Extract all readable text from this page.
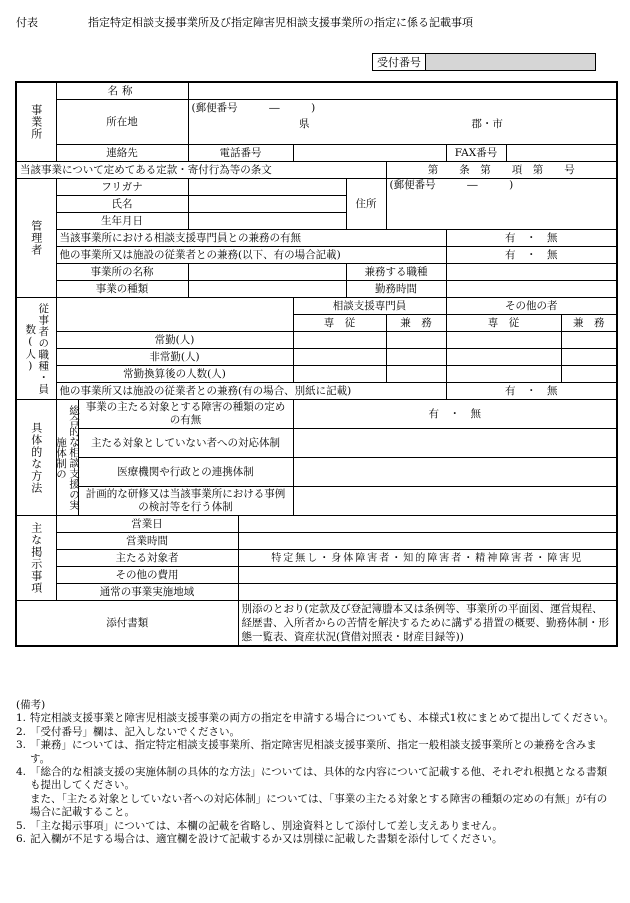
付表	指定特定相談支援事業所及び指定障害児相談支援事業所の指定に係る記載事項
受付番号	
事業所	名称									
	所在地		(郵便番号　　　―　　　)							
			県 郡・市							

	連絡先		電話番号					FAX番号		
当該事業について定めてある定款・寄付行為等の条文							第　　条　第　　項　第　　号			
管理者	フリガナ					住所	(郵便番号　　　―　　　)			
	氏名									
	生年月日									
	当該事業所における相談支援専門員との兼務の有無							有　・　無		
	他の事業所又は施設の従業者との兼務(以下、有の場合記載)							有　・　無		
	事業所の名称					兼務する職種				
	事業の種類					勤務時間				
従事者の職種・員数(人)					相談支援専門員			その他の者		
					専　従		兼　務	専　従		兼　務
	常勤(人)									
	非常勤(人)									
	常勤換算後の人数(人)									
	他の事業所又は施設の従業者との兼務(有の場合、別紙に記載)							有　・　無		
具体的な方法	総合的な相談支援の実施体制の	事業の主たる対象とする障害の種類の定めの有無			有　・　無					
		主たる対象としていない者への対応体制								
		医療機関や行政との連携体制								
		計画的な研修又は当該事業所における事例の検討等を行う体制								
主な掲示事項	営業日									
	営業時間									
	主たる対象者			特定無し・身体障害者・知的障害者・精神障害者・障害児						
	その他の費用									
	通常の事業実施地域									
添付書類				別添のとおり(定款及び登記簿謄本又は条例等、事業所の平面図、運営規程、経歴書、入所者からの苦情を解決するために講ずる措置の概要、勤務体制・形態一覧表、資産状況(貸借対照表・財産目録等))						
(備考)
1. 特定相談支援事業と障害児相談支援事業の両方の指定を申請する場合についても、本様式1枚にまとめて提出してください。
2. 「受付番号」欄は、記入しないでください。
3. 「兼務」については、指定特定相談支援事業所、指定障害児相談支援事業所、指定一般相談支援事業所との兼務を含みます。
4. 「総合的な相談支援の実施体制の具体的な方法」については、具体的な内容について記載する他、それぞれ根拠となる書類も提出してください。
また、「主たる対象としていない者への対応体制」については、「事業の主たる対象とする障害の種類の定めの有無」が有の場合に記載すること。
5. 「主な掲示事項」については、本欄の記載を省略し、別途資料として添付して差し支えありません。
6. 記入欄が不足する場合は、適宜欄を設けて記載するか又は別様に記載した書類を添付してください。
